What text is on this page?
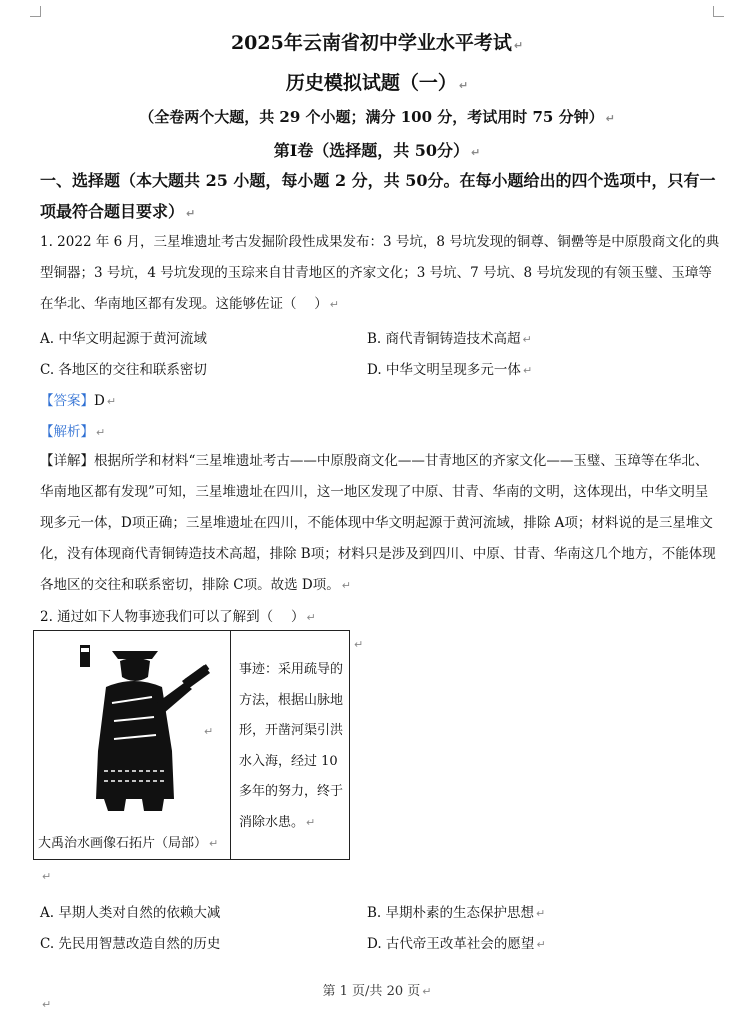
2025年云南省初中学业水平考试 ↵
历史模拟试题（一） ↵
（全卷两个大题，共 29 个小题；满分 100 分，考试用时 75 分钟） ↵
第Ⅰ卷（选择题，共 50分） ↵
一、选择题（本大题共 25 小题，每小题 2 分，共 50分。在每小题给出的四个选项中，只有一项最符合题目要求） ↵
1. 2022 年 6 月，三星堆遗址考古发掘阶段性成果发布：3 号坑，8 号坑发现的铜尊、铜罍等是中原殷商文化的典型铜器；3 号坑，4 号坑发现的玉琮来自甘青地区的齐家文化；3 号坑、7 号坑、8 号坑发现的有领玉璧、玉璋等在华北、华南地区都有发现。这能够佐证（　 ） ↵
A. 中华文明起源于黄河流域	B. 商代青铜铸造技术高超 ↵
C. 各地区的交往和联系密切	D. 中华文明呈现多元一体 ↵
【答案】D ↵
【解析】 ↵
【详解】根据所学和材料“三星堆遗址考古——中原殷商文化——甘青地区的齐家文化——玉璧、玉璋等在华北、华南地区都有发现”可知，三星堆遗址在四川，这一地区发现了中原、甘青、华南的文明，这体现出，中华文明呈现多元一体，D项正确；三星堆遗址在四川，不能体现中华文明起源于黄河流域，排除 A项；材料说的是三星堆文化，没有体现商代青铜铸造技术高超，排除 B项；材料只是涉及到四川、中原、甘青、华南这几个地方，不能体现各地区的交往和联系密切，排除 C项。故选 D项。 ↵
2. 通过如下人物事迹我们可以了解到（　 ） ↵
↵
大禹治水画像石拓片（局部） ↵
事迹：采用疏导的方法，根据山脉地形，开凿河渠引洪水入海，经过 10 多年的努力，终于消除水患。 ↵
↵
↵
A. 早期人类对自然的依赖大减	B. 早期朴素的生态保护思想 ↵
C. 先民用智慧改造自然的历史	D. 古代帝王改革社会的愿望 ↵
第 1 页/共 20 页 ↵
↵
